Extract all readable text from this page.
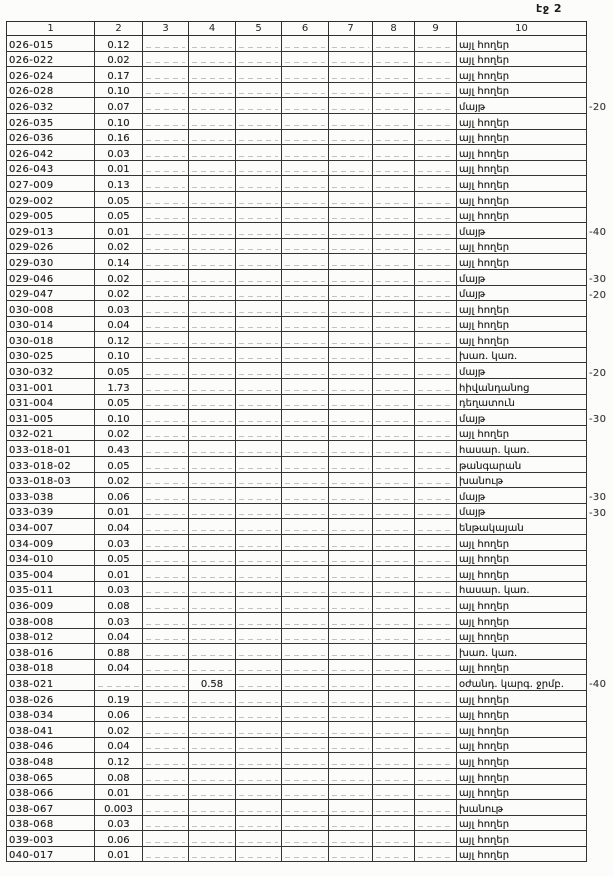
էջ 2
1	2	3	4	5	6	7	8	9	10	
026-015	0.12								այլ հողեր	
026-022	0.02								այլ հողեր	
026-024	0.17								այլ հողեր	
026-028	0.10								այլ հողեր	
026-032	0.07								մայթ	-20
026-035	0.10								այլ հողեր	
026-036	0.16								այլ հողեր	
026-042	0.03								այլ հողեր	
026-043	0.01								այլ հողեր	
027-009	0.13								այլ հողեր	
029-002	0.05								այլ հողեր	
029-005	0.05								այլ հողեր	
029-013	0.01								մայթ	-40
029-026	0.02								այլ հողեր	
029-030	0.14								այլ հողեր	
029-046	0.02								մայթ	-30
029-047	0.02								մայթ	-20
030-008	0.03								այլ հողեր	
030-014	0.04								այլ հողեր	
030-018	0.12								այլ հողեր	
030-025	0.10								խառ. կառ.	
030-032	0.05								մայթ	-20
031-001	1.73								հիվանդանոց	
031-004	0.05								դեղատուն	
031-005	0.10								մայթ	-30
032-021	0.02								այլ հողեր	
033-018-01	0.43								հասար. կառ.	
033-018-02	0.05								թանգարան	
033-018-03	0.02								խանութ	
033-038	0.06								մայթ	-30
033-039	0.01								մայթ	-30
034-007	0.04								ենթակայան	
034-009	0.03								այլ հողեր	
034-010	0.05								այլ հողեր	
035-004	0.01								այլ հողեր	
035-011	0.03								հասար. կառ.	
036-009	0.08								այլ հողեր	
038-008	0.03								այլ հողեր	
038-012	0.04								այլ հողեր	
038-016	0.88								խառ. կառ.	
038-018	0.04								այլ հողեր	
038-021			0.58						օժանդ. կարգ. ջրմբ.	-40
038-026	0.19								այլ հողեր	
038-034	0.06								այլ հողեր	
038-041	0.02								այլ հողեր	
038-046	0.04								այլ հողեր	
038-048	0.12								այլ հողեր	
038-065	0.08								այլ հողեր	
038-066	0.01								այլ հողեր	
038-067	0.003								խանութ	
038-068	0.03								այլ հողեր	
039-003	0.06								այլ հողեր	
040-017	0.01								այլ հողեր	
